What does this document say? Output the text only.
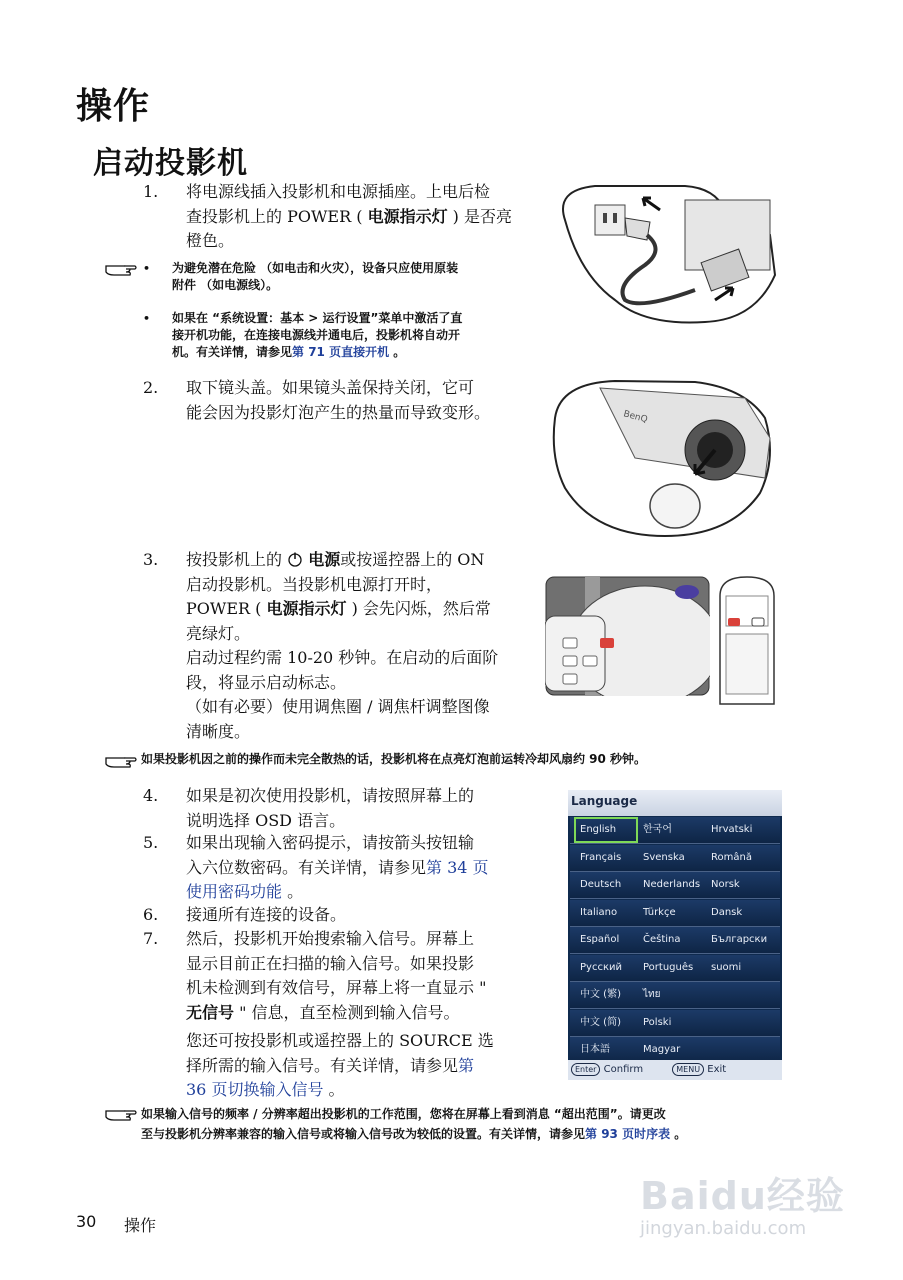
操作
启动投影机
1.	将电源线插入投影机和电源插座。上电后检
查投影机上的 POWER ( 电源指示灯 ) 是否亮
橙色。
• 为避免潜在危险 （如电击和火灾），设备只应使用原装
附件 （如电源线）。
• 如果在 “系统设置：基本 > 运行设置”菜单中激活了直
接开机功能，在连接电源线并通电后，投影机将自动开
机。有关详情，请参见第 71 页直接开机 。
2.	取下镜头盖。如果镜头盖保持关闭，它可
能会因为投影灯泡产生的热量而导致变形。	BenQ
3.	按投影机上的 电源或按遥控器上的 ON
启动投影机。当投影机电源打开时，
POWER ( 电源指示灯 ) 会先闪烁，然后常
亮绿灯。
启动过程约需 10-20 秒钟。在启动的后面阶
段，将显示启动标志。
（如有必要）使用调焦圈 / 调焦杆调整图像
清晰度。
如果投影机因之前的操作而未完全散热的话，投影机将在点亮灯泡前运转冷却风扇约 90 秒钟。
4.	如果是初次使用投影机，请按照屏幕上的
说明选择 OSD 语言。
5.	如果出现输入密码提示，请按箭头按钮输
入六位数密码。有关详情，请参见第 34 页
使用密码功能 。
6.	接通所有连接的设备。
7.	然后，投影机开始搜索输入信号。屏幕上
显示目前正在扫描的输入信号。如果投影
机未检测到有效信号，屏幕上将一直显示 "
无信号 " 信息，直至检测到输入信号。
您还可按投影机或遥控器上的 SOURCE 选
择所需的输入信号。有关详情，请参见第
36 页切换输入信号 。
Language
English	한국어	Hrvatski
Français	Svenska	Română
Deutsch	Nederlands	Norsk
Italiano	Türkçe	Dansk
Español	Čeština	Български
Русский	Português	suomi
中文 (繁)	ไทย
中文 (简)	Polski
日本語	Magyar
Enter Confirm	MENU Exit
如果输入信号的频率 / 分辨率超出投影机的工作范围，您将在屏幕上看到消息 “超出范围”。请更改
至与投影机分辨率兼容的输入信号或将输入信号改为较低的设置。有关详情，请参见第 93 页时序表 。
30 操作
Baidu经验
jingyan.baidu.com
